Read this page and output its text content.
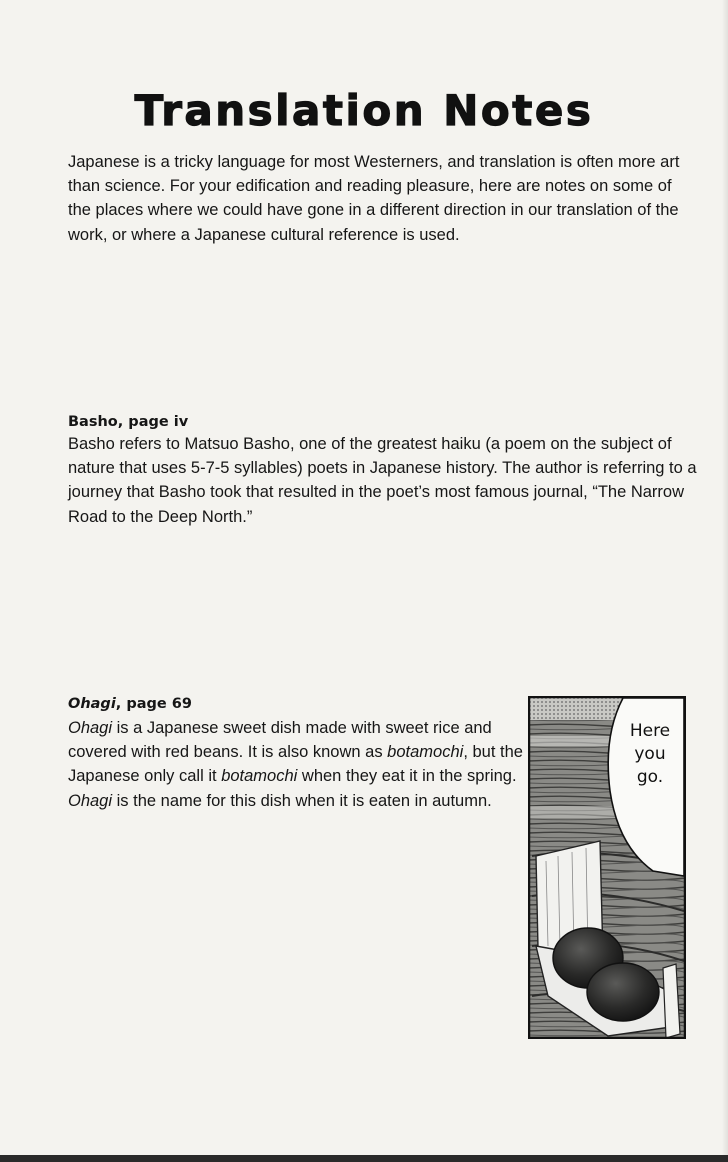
Translation Notes

Japanese is a tricky language for most Westerners, and translation is often more art than science. For your edification and reading pleasure, here are notes on some of the places where we could have gone in a different direction in our translation of the work, or where a Japanese cultural reference is used.

Basho, page iv

Basho refers to Matsuo Basho, one of the greatest haiku (a poem on the subject of nature that uses 5-7-5 syllables) poets in Japanese history. The author is referring to a journey that Basho took that resulted in the poet’s most famous journal, “The Narrow Road to the Deep North.”

Ohagi, page 69

Ohagi is a Japanese sweet dish made with sweet rice and covered with red beans. It is also known as botamochi, but the Japanese only call it botamochi when they eat it in the spring. Ohagi is the name for this dish when it is eaten in autumn.

Here
you
go.
